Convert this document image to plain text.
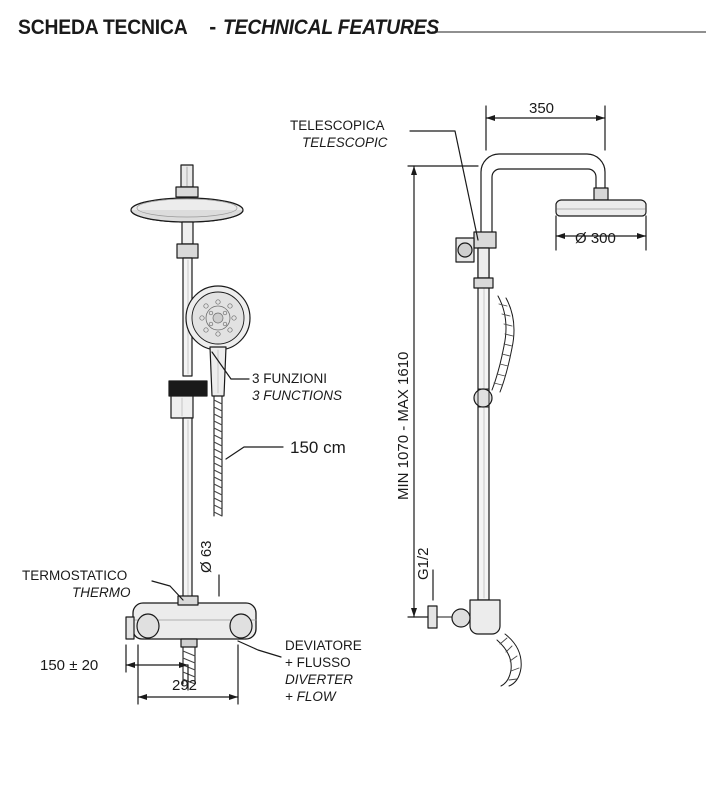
SCHEDA TECNICA - TECHNICAL FEATURES
TELESCOPICA
TELESCOPIC
3 FUNZIONI
3 FUNCTIONS
150 cm
TERMOSTATICO
THERMO
DEVIATORE
+ FLUSSO
DIVERTER
+ FLOW
Ø 63
150 ± 20
292
350
Ø 300
MIN 1070 - MAX 1610
G1/2
